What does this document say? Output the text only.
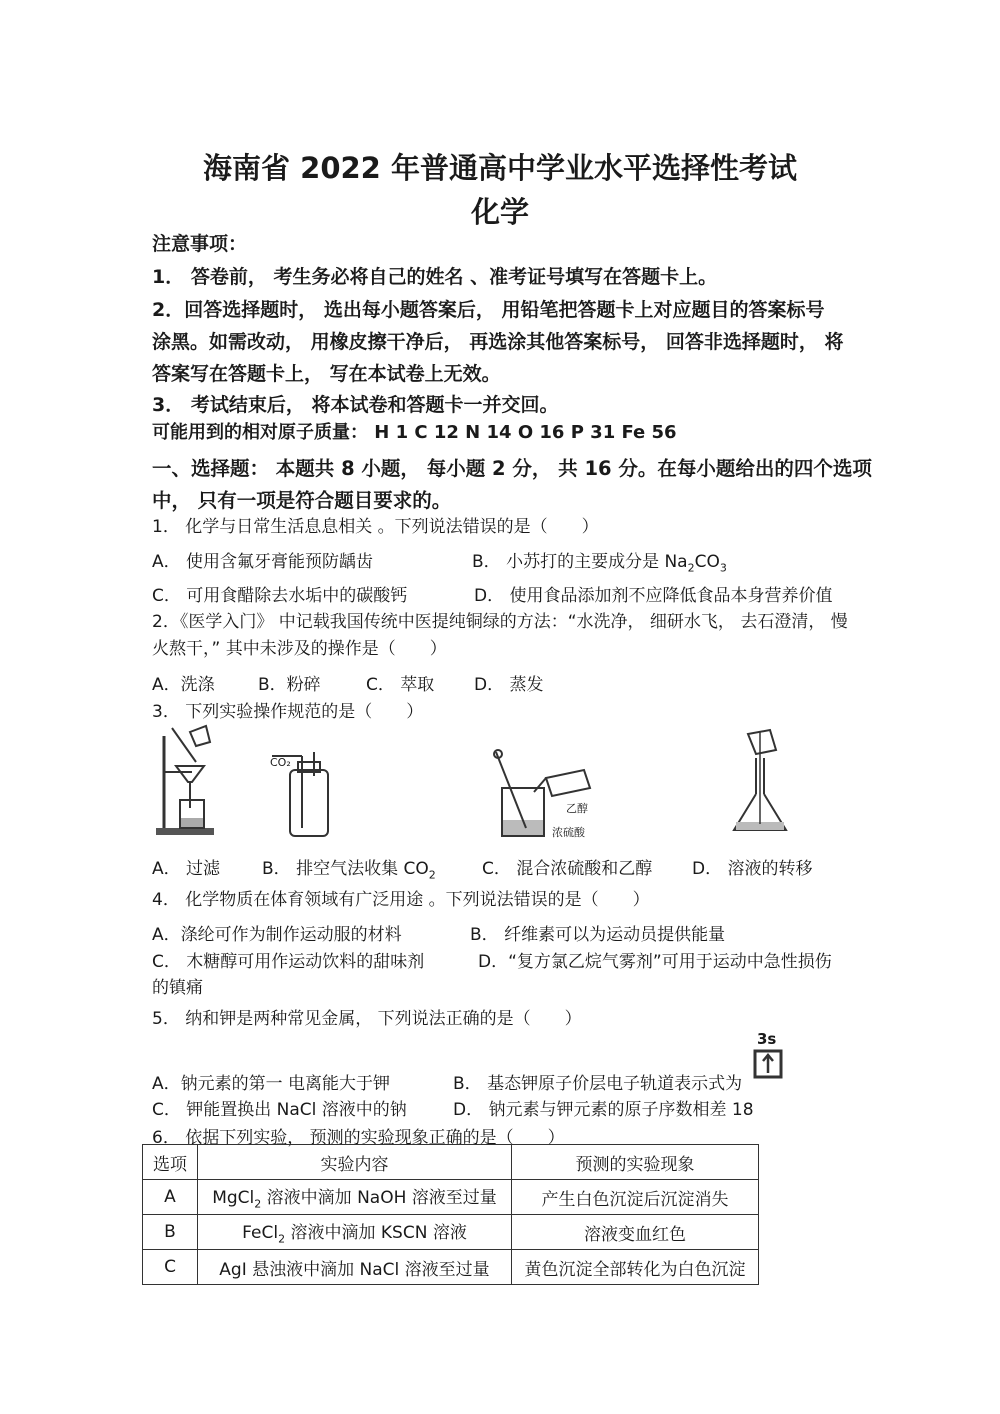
海南省 2022 年普通高中学业水平选择性考试
化学
注意事项：
1． 答卷前， 考生务必将自己的姓名 、准考证号填写在答题卡上。
2．回答选择题时， 选出每小题答案后， 用铅笔把答题卡上对应题目的答案标号
涂黑。如需改动， 用橡皮擦干净后， 再选涂其他答案标号， 回答非选择题时， 将
答案写在答题卡上， 写在本试卷上无效。
3． 考试结束后， 将本试卷和答题卡一并交回。
可能用到的相对原子质量： H 1 C 12 N 14 O 16 P 31 Fe 56
一、选择题： 本题共 8 小题， 每小题 2 分， 共 16 分。在每小题给出的四个选项
中， 只有一项是符合题目要求的。
1． 化学与日常生活息息相关 。下列说法错误的是（　　）
A． 使用含氟牙膏能预防龋齿	B． 小苏打的主要成分是 $Na_2CO_3$
C． 可用食醋除去水垢中的碳酸钙	D． 使用食品添加剂不应降低食品本身营养价值
2．《医学入门》 中记载我国传统中医提纯铜绿的方法：“水洗净， 细研水飞， 去石澄清， 慢
火熬干，” 其中未涉及的操作是（　　）
A．洗涤	B．粉碎	C． 萃取 D． 蒸发
3． 下列实验操作规范的是（　　）
CO₂
乙醇
浓硫酸
A． 过滤 B． 排空气法收集 $CO_2$	C． 混合浓硫酸和乙醇 D． 溶液的转移
4． 化学物质在体育领域有广泛用途 。下列说法错误的是（　　）
A．涤纶可作为制作运动服的材料	B． 纤维素可以为运动员提供能量
C． 木糖醇可用作运动饮料的甜味剂	D．“复方氯乙烷气雾剂”可用于运动中急性损伤
的镇痛
5． 纳和钾是两种常见金属， 下列说法正确的是（　　）
3s
A．钠元素的第一 电离能大于钾	B． 基态钾原子价层电子轨道表示式为
C． 钾能置换出 NaCl 溶液中的钠	D． 钠元素与钾元素的原子序数相差 18
6． 依据下列实验， 预测的实验现象正确的是（　　）
选项	实验内容	预测的实验现象
A	MgCl$_2$ 溶液中滴加 NaOH 溶液至过量	产生白色沉淀后沉淀消失
B	FeCl$_2$ 溶液中滴加 KSCN 溶液	溶液变血红色
C	AgI 悬浊液中滴加 NaCl 溶液至过量	黄色沉淀全部转化为白色沉淀
